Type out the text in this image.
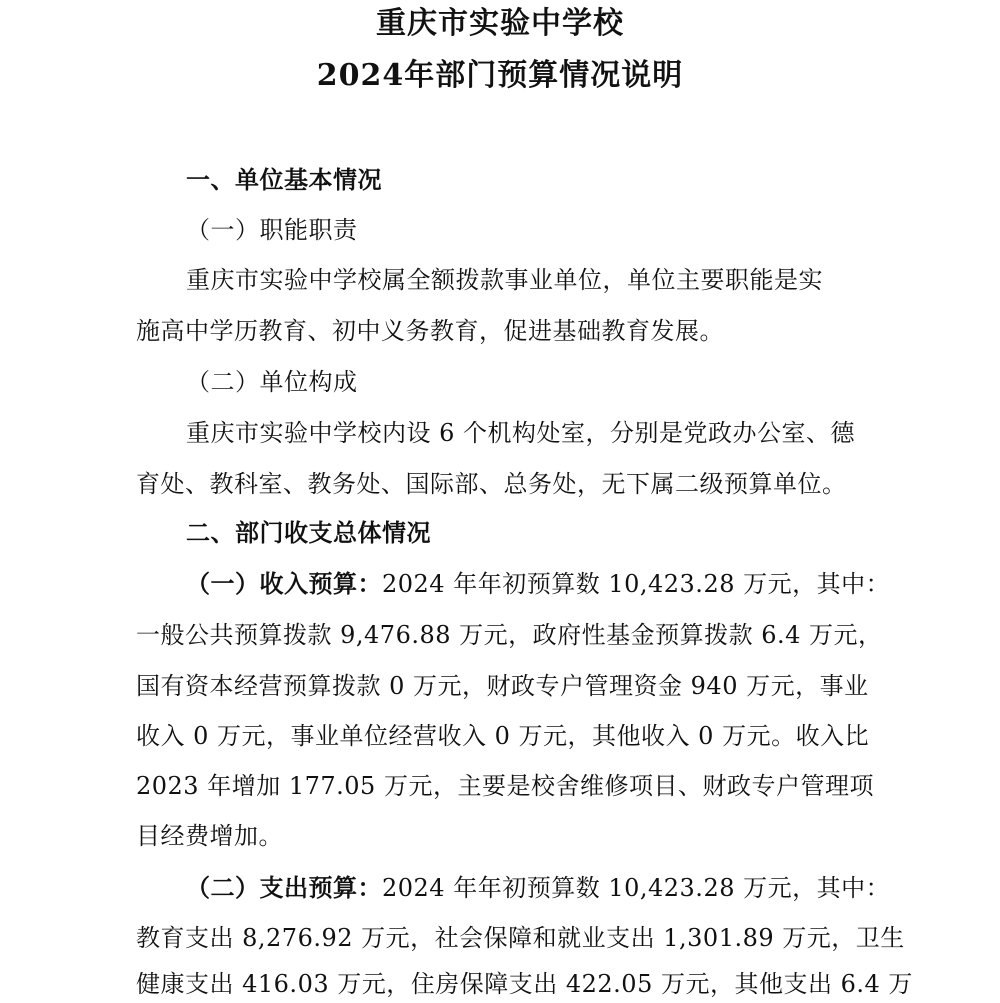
重庆市实验中学校
2024年部门预算情况说明
一、单位基本情况
（一）职能职责
重庆市实验中学校属全额拨款事业单位，单位主要职能是实
施高中学历教育、初中义务教育，促进基础教育发展。
（二）单位构成
重庆市实验中学校内设 6 个机构处室，分别是党政办公室、德
育处、教科室、教务处、国际部、总务处，无下属二级预算单位。
二、部门收支总体情况
（一）收入预算：2024 年年初预算数 10,423.28 万元，其中：
一般公共预算拨款 9,476.88 万元，政府性基金预算拨款 6.4 万元，
国有资本经营预算拨款 0 万元，财政专户管理资金 940 万元，事业
收入 0 万元，事业单位经营收入 0 万元，其他收入 0 万元。收入比
2023 年增加 177.05 万元，主要是校舍维修项目、财政专户管理项
目经费增加。
（二）支出预算：2024 年年初预算数 10,423.28 万元，其中：
教育支出 8,276.92 万元，社会保障和就业支出 1,301.89 万元，卫生
健康支出 416.03 万元，住房保障支出 422.05 万元，其他支出 6.4 万
